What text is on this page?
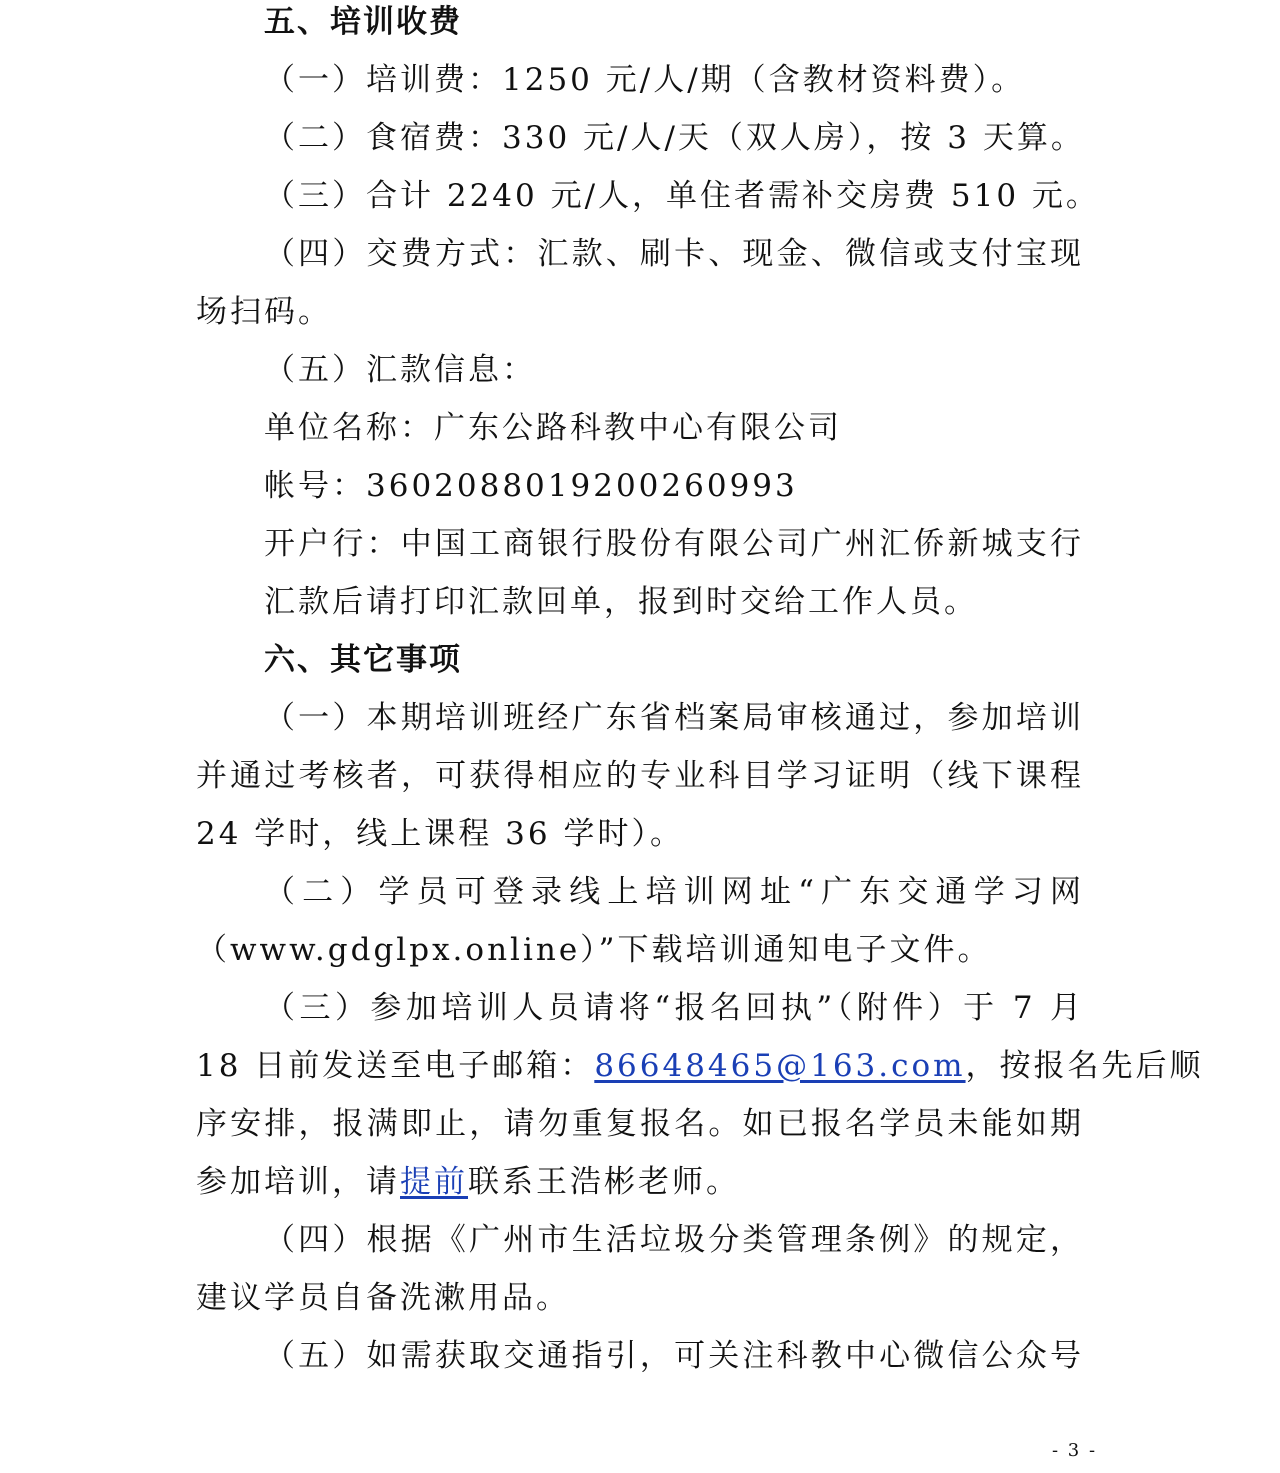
五、培训收费
（一）培训费：1250 元/人/期（含教材资料费）。
（二）食宿费：330 元/人/天（双人房），按 3 天算。
（三）合计 2240 元/人，单住者需补交房费 510 元。
（四）交费方式：汇款、刷卡、现金、微信或支付宝现
场扫码。
（五）汇款信息：
单位名称：广东公路科教中心有限公司
帐号：3602088019200260993
开户行：中国工商银行股份有限公司广州汇侨新城支行
汇款后请打印汇款回单，报到时交给工作人员。
六、其它事项
（一）本期培训班经广东省档案局审核通过，参加培训
并通过考核者，可获得相应的专业科目学习证明（线下课程
24 学时，线上课程 36 学时）。
（二）学员可登录线上培训网址“广东交通学习网
（www.gdglpx.online）”下载培训通知电子文件。
（三）参加培训人员请将“报名回执”（附件）于 7 月
18 日前发送至电子邮箱： 86648465@163.com ，按报名先后顺
序安排，报满即止，请勿重复报名。如已报名学员未能如期
参加培训，请提前联系王浩彬老师。
（四）根据《广州市生活垃圾分类管理条例》的规定，
建议学员自备洗漱用品。
（五）如需获取交通指引，可关注科教中心微信公众号
- 3 -
